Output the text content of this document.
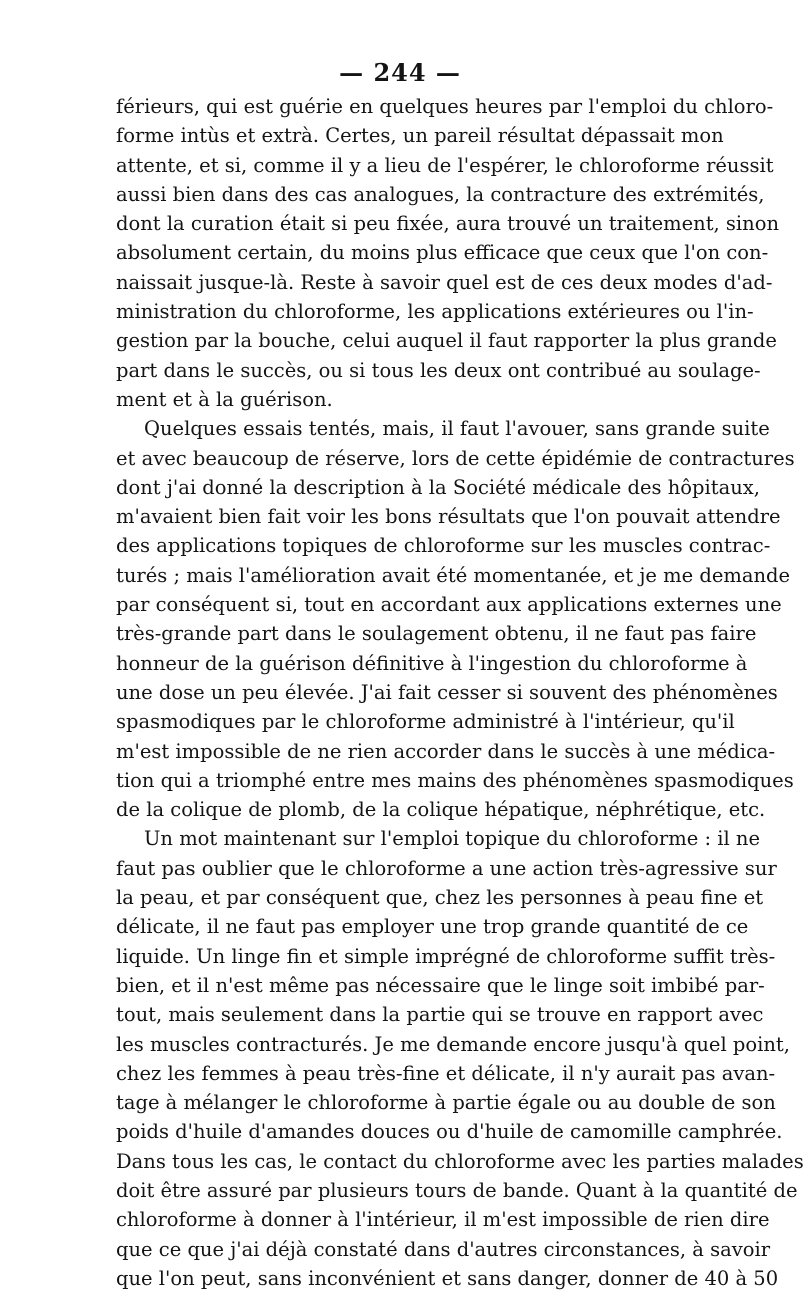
— 244 —
férieurs, qui est guérie en quelques heures par l'emploi du chloro-
forme intùs et extrà. Certes, un pareil résultat dépassait mon
attente, et si, comme il y a lieu de l'espérer, le chloroforme réussit
aussi bien dans des cas analogues, la contracture des extrémités,
dont la curation était si peu fixée, aura trouvé un traitement, sinon
absolument certain, du moins plus efficace que ceux que l'on con-
naissait jusque-là. Reste à savoir quel est de ces deux modes d'ad-
ministration du chloroforme, les applications extérieures ou l'in-
gestion par la bouche, celui auquel il faut rapporter la plus grande
part dans le succès, ou si tous les deux ont contribué au soulage-
ment et à la guérison.
Quelques essais tentés, mais, il faut l'avouer, sans grande suite
et avec beaucoup de réserve, lors de cette épidémie de contractures
dont j'ai donné la description à la Société médicale des hôpitaux,
m'avaient bien fait voir les bons résultats que l'on pouvait attendre
des applications topiques de chloroforme sur les muscles contrac-
turés ; mais l'amélioration avait été momentanée, et je me demande
par conséquent si, tout en accordant aux applications externes une
très-grande part dans le soulagement obtenu, il ne faut pas faire
honneur de la guérison définitive à l'ingestion du chloroforme à
une dose un peu élevée. J'ai fait cesser si souvent des phénomènes
spasmodiques par le chloroforme administré à l'intérieur, qu'il
m'est impossible de ne rien accorder dans le succès à une médica-
tion qui a triomphé entre mes mains des phénomènes spasmodiques
de la colique de plomb, de la colique hépatique, néphrétique, etc.
Un mot maintenant sur l'emploi topique du chloroforme : il ne
faut pas oublier que le chloroforme a une action très-agressive sur
la peau, et par conséquent que, chez les personnes à peau fine et
délicate, il ne faut pas employer une trop grande quantité de ce
liquide. Un linge fin et simple imprégné de chloroforme suffit très-
bien, et il n'est même pas nécessaire que le linge soit imbibé par-
tout, mais seulement dans la partie qui se trouve en rapport avec
les muscles contracturés. Je me demande encore jusqu'à quel point,
chez les femmes à peau très-fine et délicate, il n'y aurait pas avan-
tage à mélanger le chloroforme à partie égale ou au double de son
poids d'huile d'amandes douces ou d'huile de camomille camphrée.
Dans tous les cas, le contact du chloroforme avec les parties malades
doit être assuré par plusieurs tours de bande. Quant à la quantité de
chloroforme à donner à l'intérieur, il m'est impossible de rien dire
que ce que j'ai déjà constaté dans d'autres circonstances, à savoir
que l'on peut, sans inconvénient et sans danger, donner de 40 à 50
